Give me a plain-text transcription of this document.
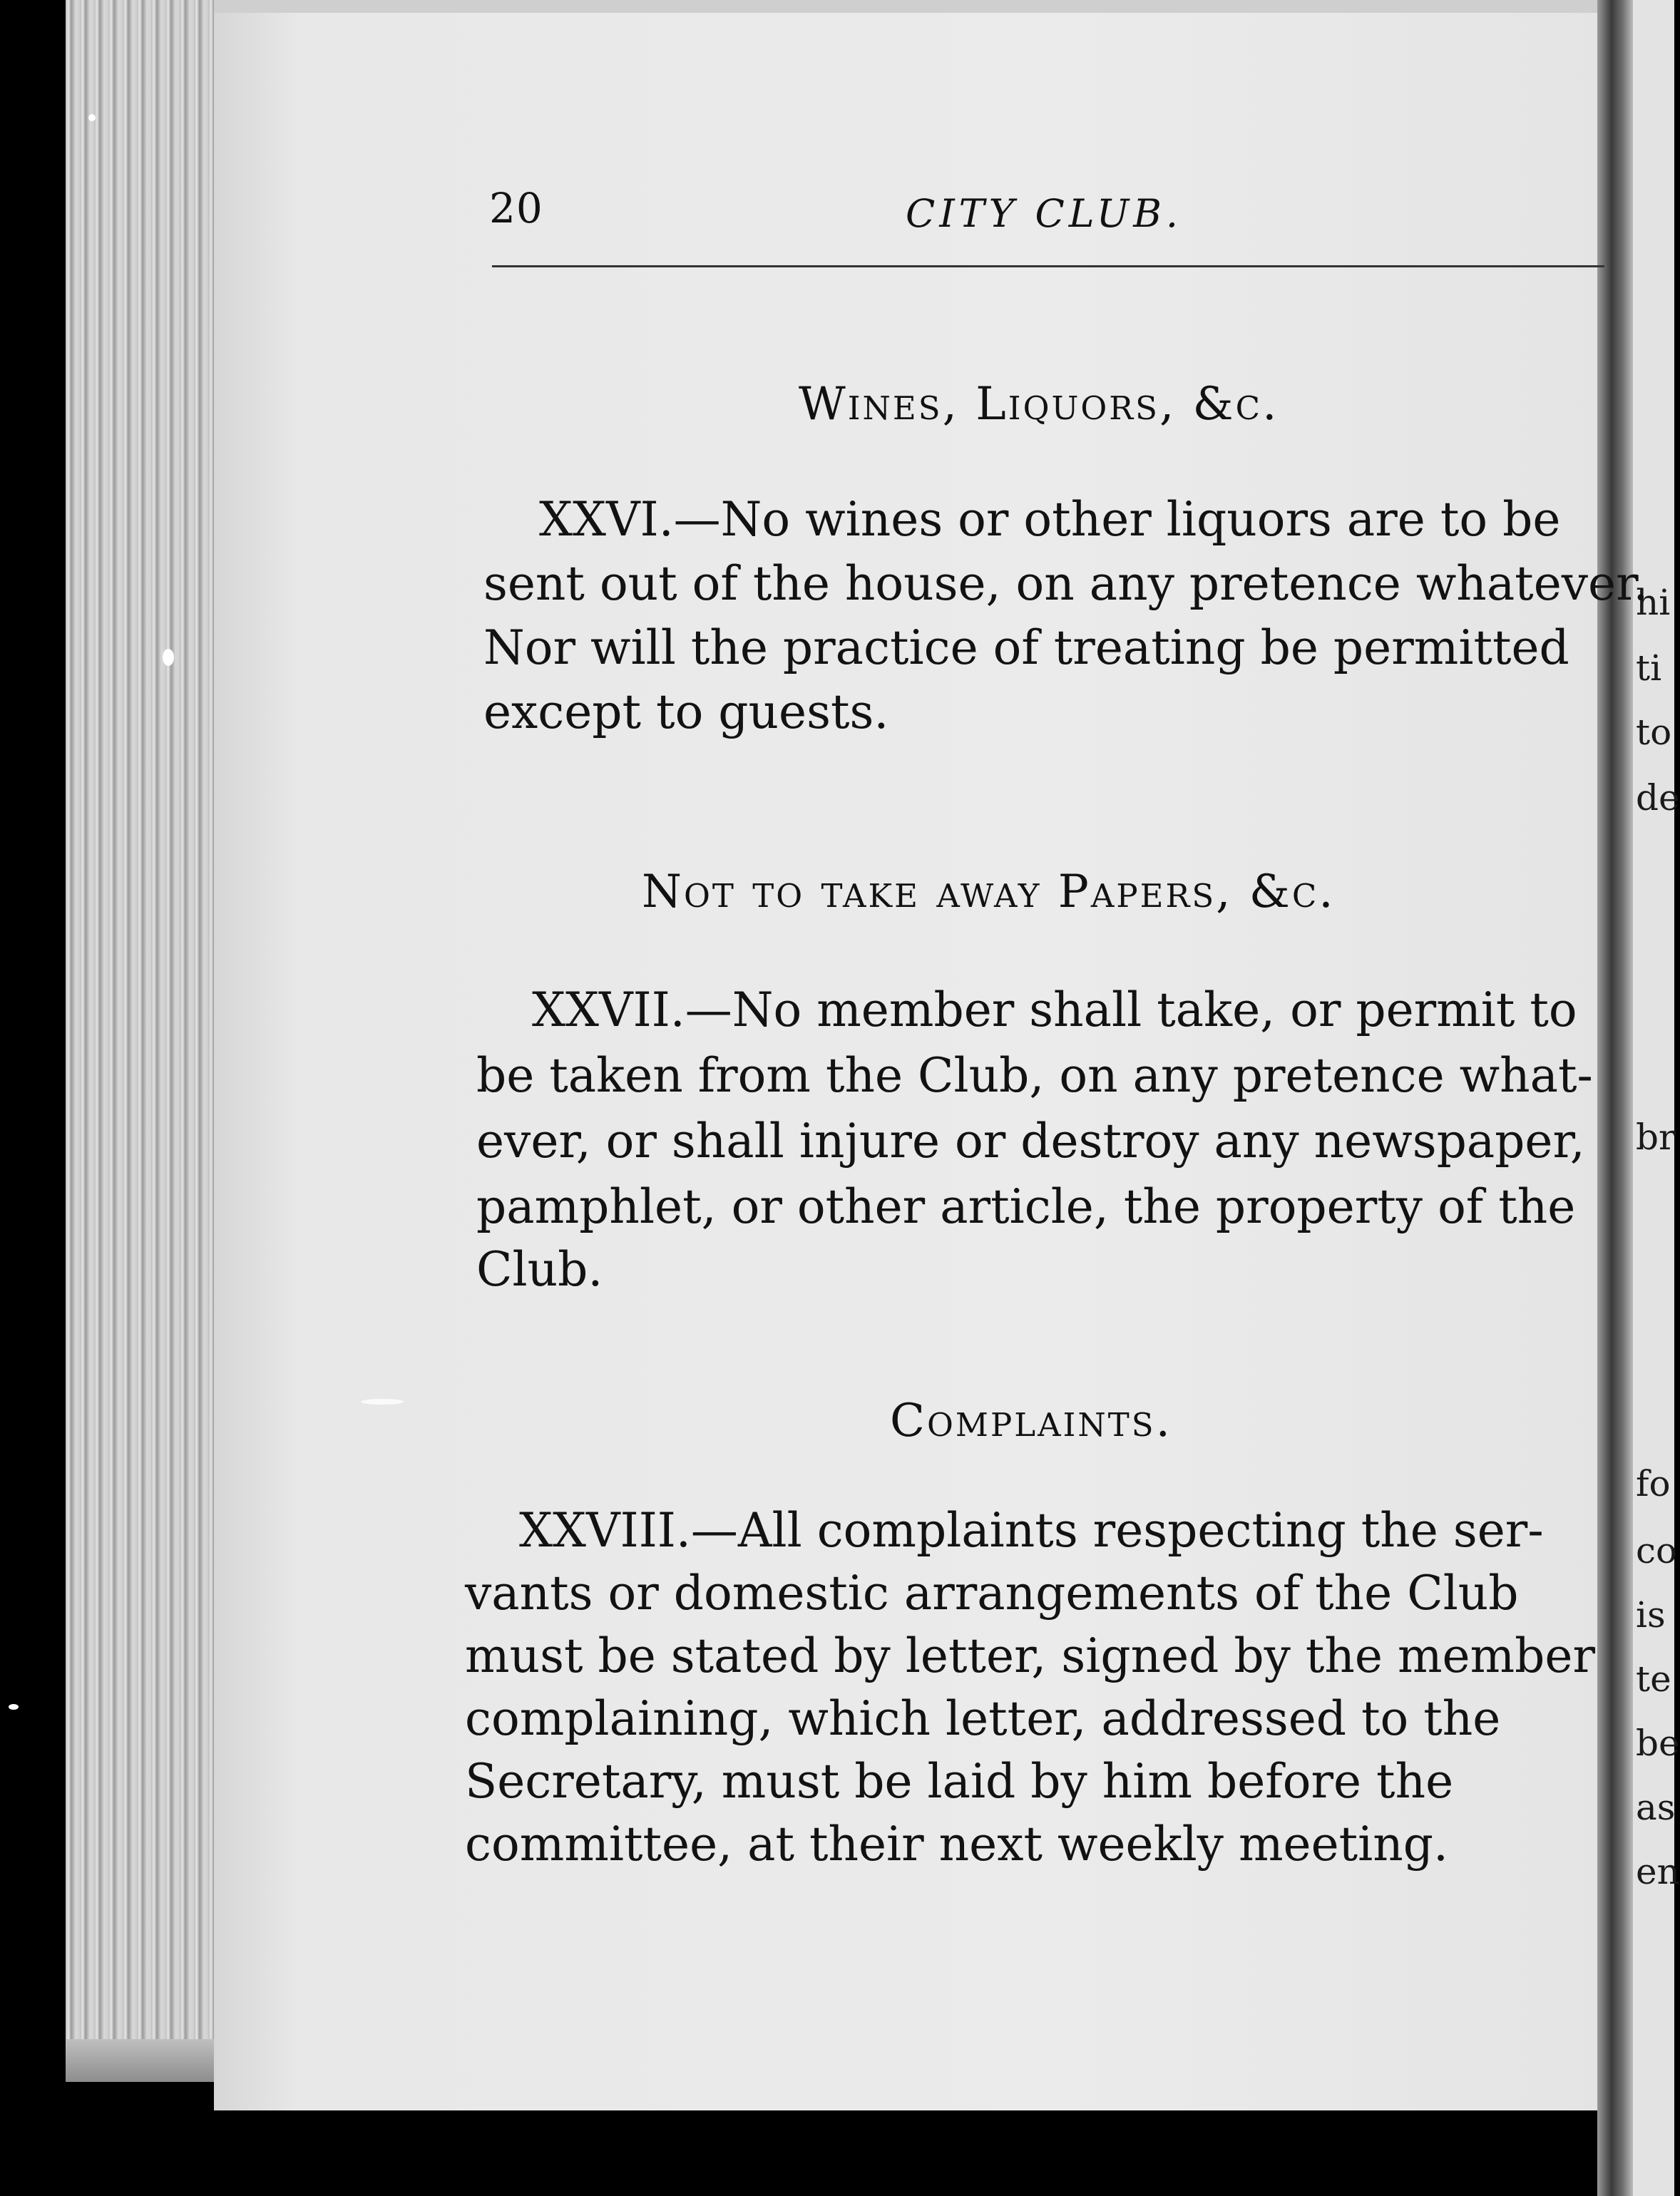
hi
ti
to
de
br
fo
co
is
te
be
as
en
20	CITY CLUB.
Wines, Liquors, &c.
XXVI.—No wines or other liquors are to be
sent out of the house, on any pretence whatever.
Nor will the practice of treating be permitted
except to guests.
Not to take away Papers, &c.
XXVII.—No member shall take, or permit to
be taken from the Club, on any pretence what-
ever, or shall injure or destroy any newspaper,
pamphlet, or other article, the property of the
Club.
Complaints.
XXVIII.—All complaints respecting the ser-
vants or domestic arrangements of the Club
must be stated by letter, signed by the member
complaining, which letter, addressed to the
Secretary, must be laid by him before the
committee, at their next weekly meeting.
